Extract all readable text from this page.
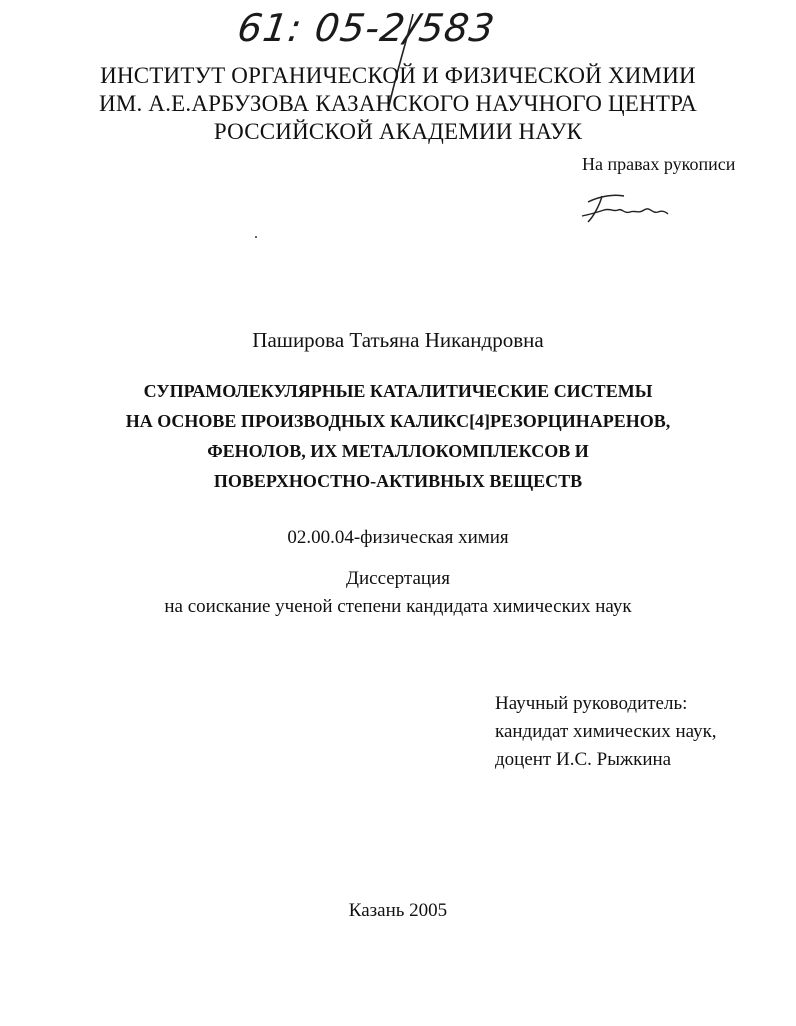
61: 05-2/583
ИНСТИТУТ ОРГАНИЧЕСКОЙ И ФИЗИЧЕСКОЙ ХИМИИ
ИМ. А.Е.АРБУЗОВА КАЗАНСКОГО НАУЧНОГО ЦЕНТРА
РОССИЙСКОЙ АКАДЕМИИ НАУК
На правах рукописи
Паширова Татьяна Никандровна
СУПРАМОЛЕКУЛЯРНЫЕ КАТАЛИТИЧЕСКИЕ СИСТЕМЫ
НА ОСНОВЕ ПРОИЗВОДНЫХ КАЛИКС[4]РЕЗОРЦИНАРЕНОВ,
ФЕНОЛОВ, ИХ МЕТАЛЛОКОМПЛЕКСОВ И
ПОВЕРХНОСТНО-АКТИВНЫХ ВЕЩЕСТВ
02.00.04-физическая химия
Диссертация
на соискание ученой степени кандидата химических наук
Научный руководитель:
кандидат химических наук,
доцент И.С. Рыжкина
Казань 2005
